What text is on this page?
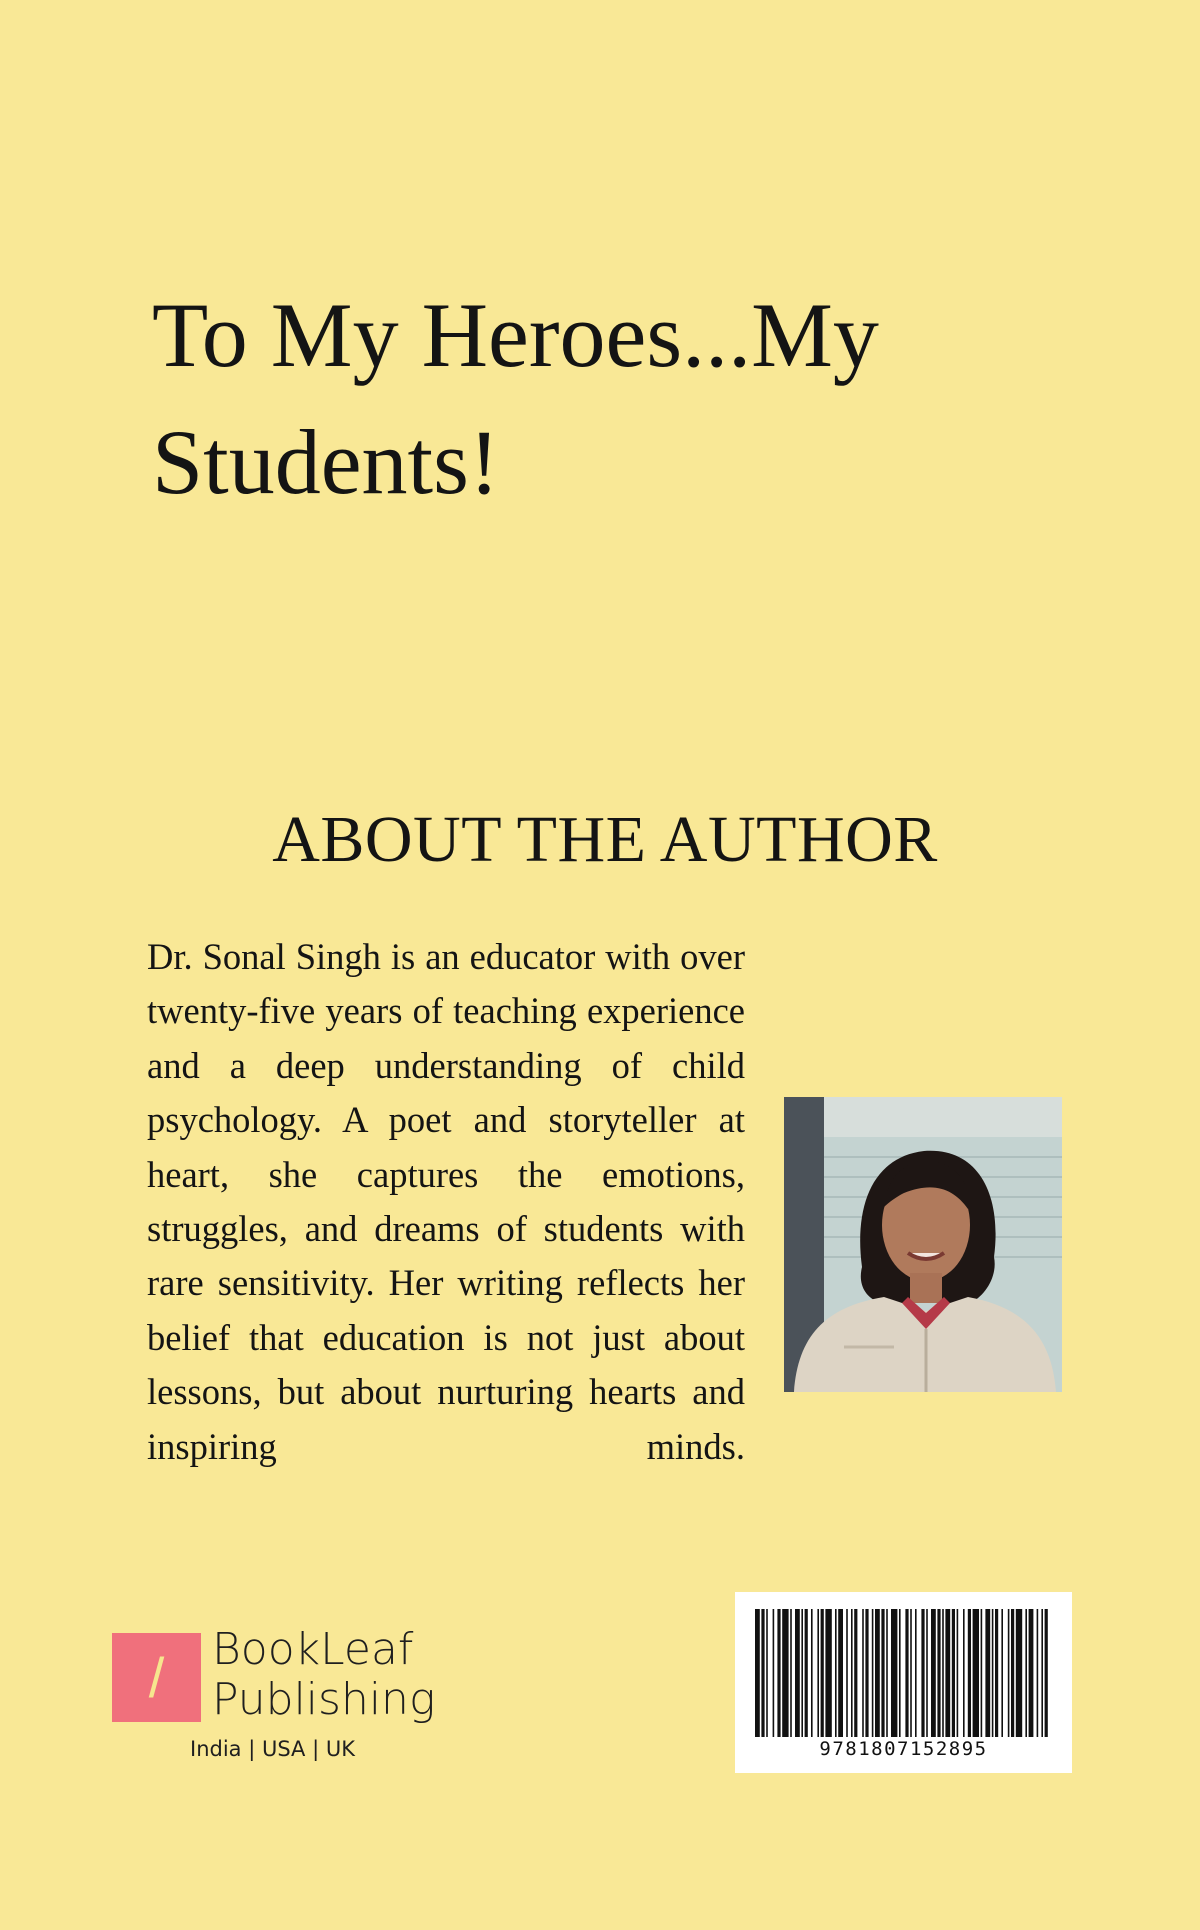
To My Heroes...My
Students!
ABOUT THE AUTHOR

Dr. Sonal Singh is an educator with over twenty-five years of teaching experience and a deep understanding of child psychology. A poet and storyteller at heart, she captures the emotions, struggles, and dreams of students with rare sensitivity. Her writing reflects her belief that education is not just about lessons, but about nurturing hearts and inspiring minds.

/	BookLeaf
Publishing
India | USA | UK	9781807152895
